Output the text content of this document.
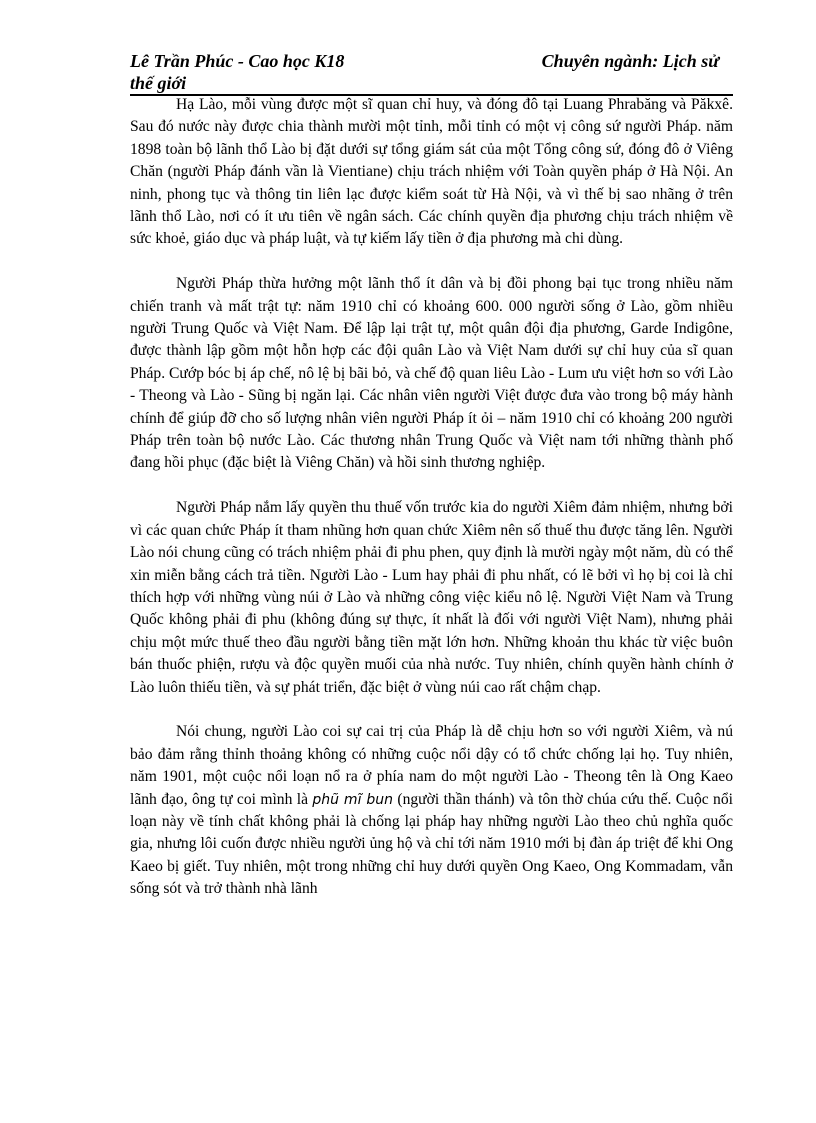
Lê Trần Phúc - Cao học K18
thế giới
Chuyên ngành: Lịch sử

Hạ Lào, mỗi vùng được một sĩ quan chỉ huy, và đóng đô tại Luang Phrabăng và Păkxê. Sau đó nước này được chia thành mười một tỉnh, mỗi tỉnh có một vị công sứ người Pháp. năm 1898 toàn bộ lãnh thổ Lào bị đặt dưới sự tổng giám sát của một Tổng công sứ, đóng đô ở Viêng Chăn (người Pháp đánh vần là Vientiane) chịu trách nhiệm với Toàn quyền pháp ở Hà Nội. An ninh, phong tục và thông tin liên lạc được kiểm soát từ Hà Nội, và vì thế bị sao nhãng ở trên lãnh thổ Lào, nơi có ít ưu tiên về ngân sách. Các chính quyền địa phương chịu trách nhiệm về sức khoẻ, giáo dục và pháp luật, và tự kiếm lấy tiền ở địa phương mà chi dùng.

Người Pháp thừa hưởng một lãnh thổ ít dân và bị đồi phong bại tục trong nhiều năm chiến tranh và mất trật tự: năm 1910 chỉ có khoảng 600. 000 người sống ở Lào, gồm nhiều người Trung Quốc và Việt Nam. Để lập lại trật tự, một quân đội địa phương, Garde Indigône, được thành lập gồm một hỗn hợp các đội quân Lào và Việt Nam dưới sự chỉ huy của sĩ quan Pháp. Cướp bóc bị áp chế, nô lệ bị bãi bỏ, và chế độ quan liêu Lào - Lum ưu việt hơn so với Lào - Theong và Lào - Sũng bị ngăn lại. Các nhân viên người Việt được đưa vào trong bộ máy hành chính để giúp đỡ cho số lượng nhân viên người Pháp ít ỏi – năm 1910 chỉ có khoảng 200 người Pháp trên toàn bộ nước Lào. Các thương nhân Trung Quốc và Việt nam tới những thành phố đang hồi phục (đặc biệt là Viêng Chăn) và hồi sinh thương nghiệp.

Người Pháp nắm lấy quyền thu thuế vốn trước kia do người Xiêm đảm nhiệm, nhưng bởi vì các quan chức Pháp ít tham nhũng hơn quan chức Xiêm nên số thuế thu được tăng lên. Người Lào nói chung cũng có trách nhiệm phải đi phu phen, quy định là mười ngày một năm, dù có thể xin miễn bằng cách trả tiền. Người Lào - Lum hay phải đi phu nhất, có lẽ bởi vì họ bị coi là chỉ thích hợp với những vùng núi ở Lào và những công việc kiểu nô lệ. Người Việt Nam và Trung Quốc không phải đi phu (không đúng sự thực, ít nhất là đối với người Việt Nam), nhưng phải chịu một mức thuế theo đầu người bằng tiền mặt lớn hơn. Những khoản thu khác từ việc buôn bán thuốc phiện, rượu và độc quyền muối của nhà nước. Tuy nhiên, chính quyền hành chính ở Lào luôn thiếu tiền, và sự phát triển, đặc biệt ở vùng núi cao rất chậm chạp.

Nói chung, người Lào coi sự cai trị của Pháp là dễ chịu hơn so với người Xiêm, và nú bảo đảm rằng thỉnh thoảng không có những cuộc nổi dậy có tổ chức chống lại họ. Tuy nhiên, năm 1901, một cuộc nổi loạn nổ ra ở phía nam do một người Lào - Theong tên là Ong Kaeo lãnh đạo, ông tự coi mình là phũ mĩ bun (người thần thánh) và tôn thờ chúa cứu thế. Cuộc nổi loạn này về tính chất không phải là chống lại pháp hay những người Lào theo chủ nghĩa quốc gia, nhưng lôi cuốn được nhiều người ủng hộ và chỉ tới năm 1910 mới bị đàn áp triệt để khi Ong Kaeo bị giết. Tuy nhiên, một trong những chỉ huy dưới quyền Ong Kaeo, Ong Kommadam, vẫn sống sót và trở thành nhà lãnh
